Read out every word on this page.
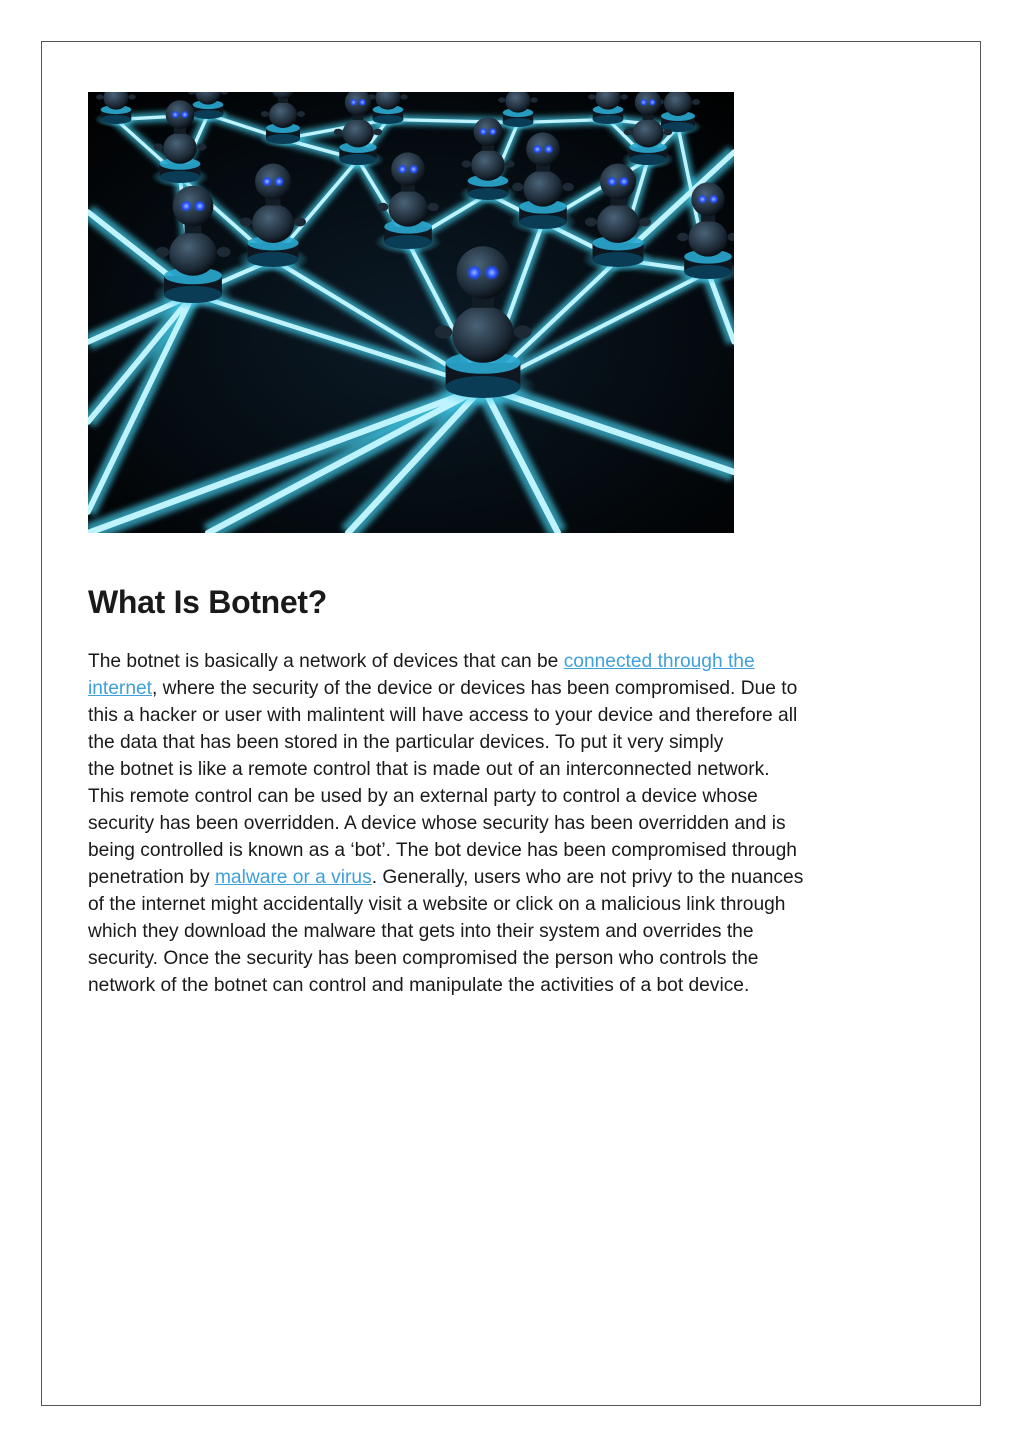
What Is Botnet?

The botnet is basically a network of devices that can be connected through the
internet, where the security of the device or devices has been compromised. Due to
this a hacker or user with malintent will have access to your device and therefore all
the data that has been stored in the particular devices. To put it very simply
the botnet is like a remote control that is made out of an interconnected network.
This remote control can be used by an external party to control a device whose
security has been overridden. A device whose security has been overridden and is
being controlled is known as a ‘bot’. The bot device has been compromised through
penetration by malware or a virus. Generally, users who are not privy to the nuances
of the internet might accidentally visit a website or click on a malicious link through
which they download the malware that gets into their system and overrides the
security. Once the security has been compromised the person who controls the
network of the botnet can control and manipulate the activities of a bot device.
